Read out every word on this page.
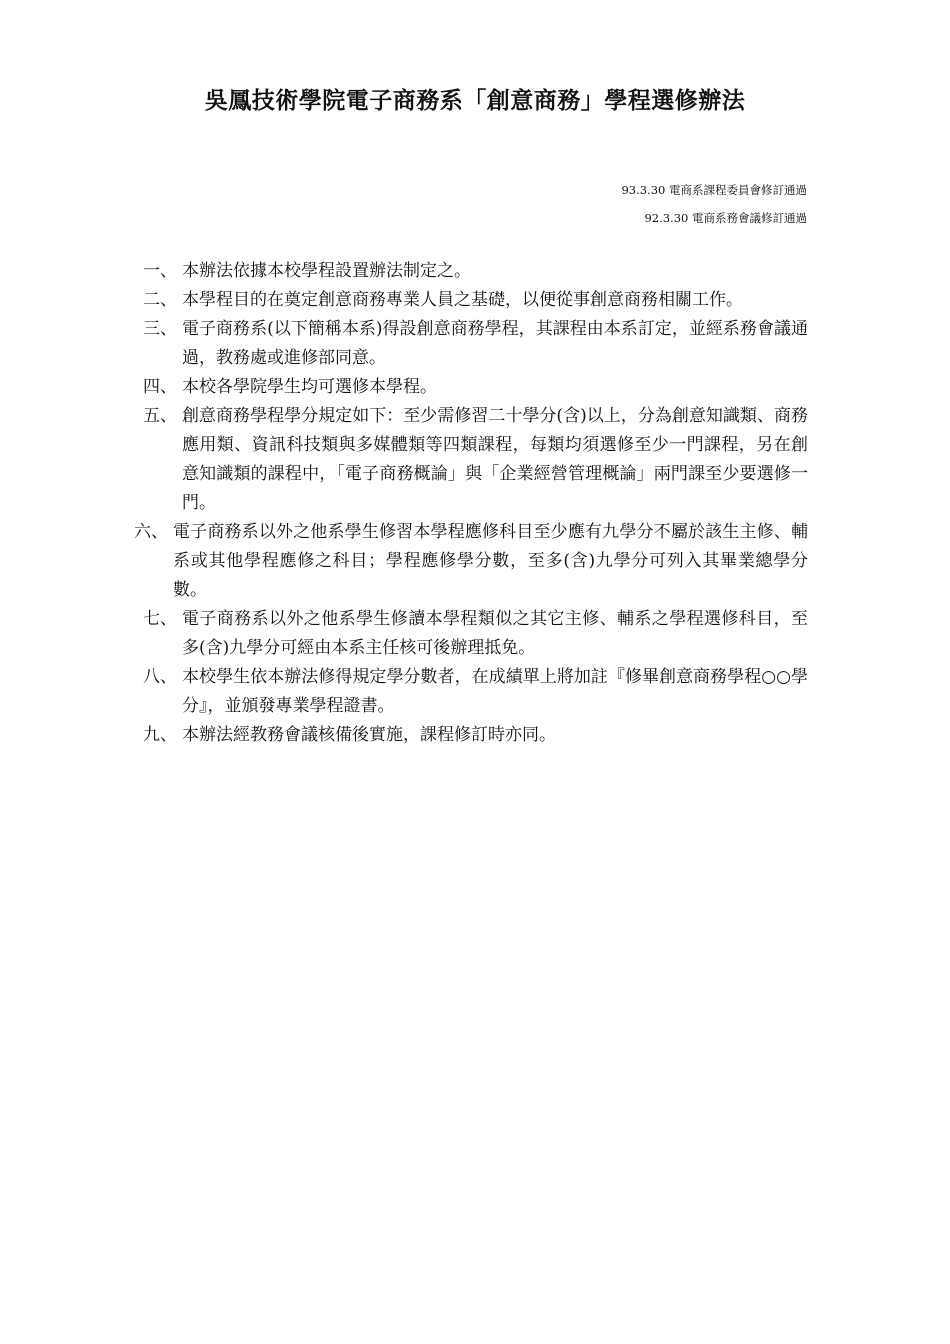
吳鳳技術學院電子商務系「創意商務」學程選修辦法
93.3.30 電商系課程委員會修訂通過
92.3.30 電商系務會議修訂通過
一、 本辦法依據本校學程設置辦法制定之。
二、 本學程目的在奠定創意商務專業人員之基礎，以便從事創意商務相關工作。
三、 電子商務系(以下簡稱本系)得設創意商務學程，其課程由本系訂定，並經系務會議通過，教務處或進修部同意。
四、 本校各學院學生均可選修本學程。
五、 創意商務學程學分規定如下：至少需修習二十學分(含)以上，分為創意知識類、商務應用類、資訊科技類與多媒體類等四類課程，每類均須選修至少一門課程，另在創意知識類的課程中，「電子商務概論」與「企業經營管理概論」兩門課至少要選修一門。
六、 電子商務系以外之他系學生修習本學程應修科目至少應有九學分不屬於該生主修、輔系或其他學程應修之科目；學程應修學分數，至多(含)九學分可列入其畢業總學分數。
七、 電子商務系以外之他系學生修讀本學程類似之其它主修、輔系之學程選修科目，至多(含)九學分可經由本系主任核可後辦理抵免。
八、 本校學生依本辦法修得規定學分數者，在成績單上將加註『修畢創意商務學程○○學分』，並頒發專業學程證書。
九、 本辦法經教務會議核備後實施，課程修訂時亦同。
